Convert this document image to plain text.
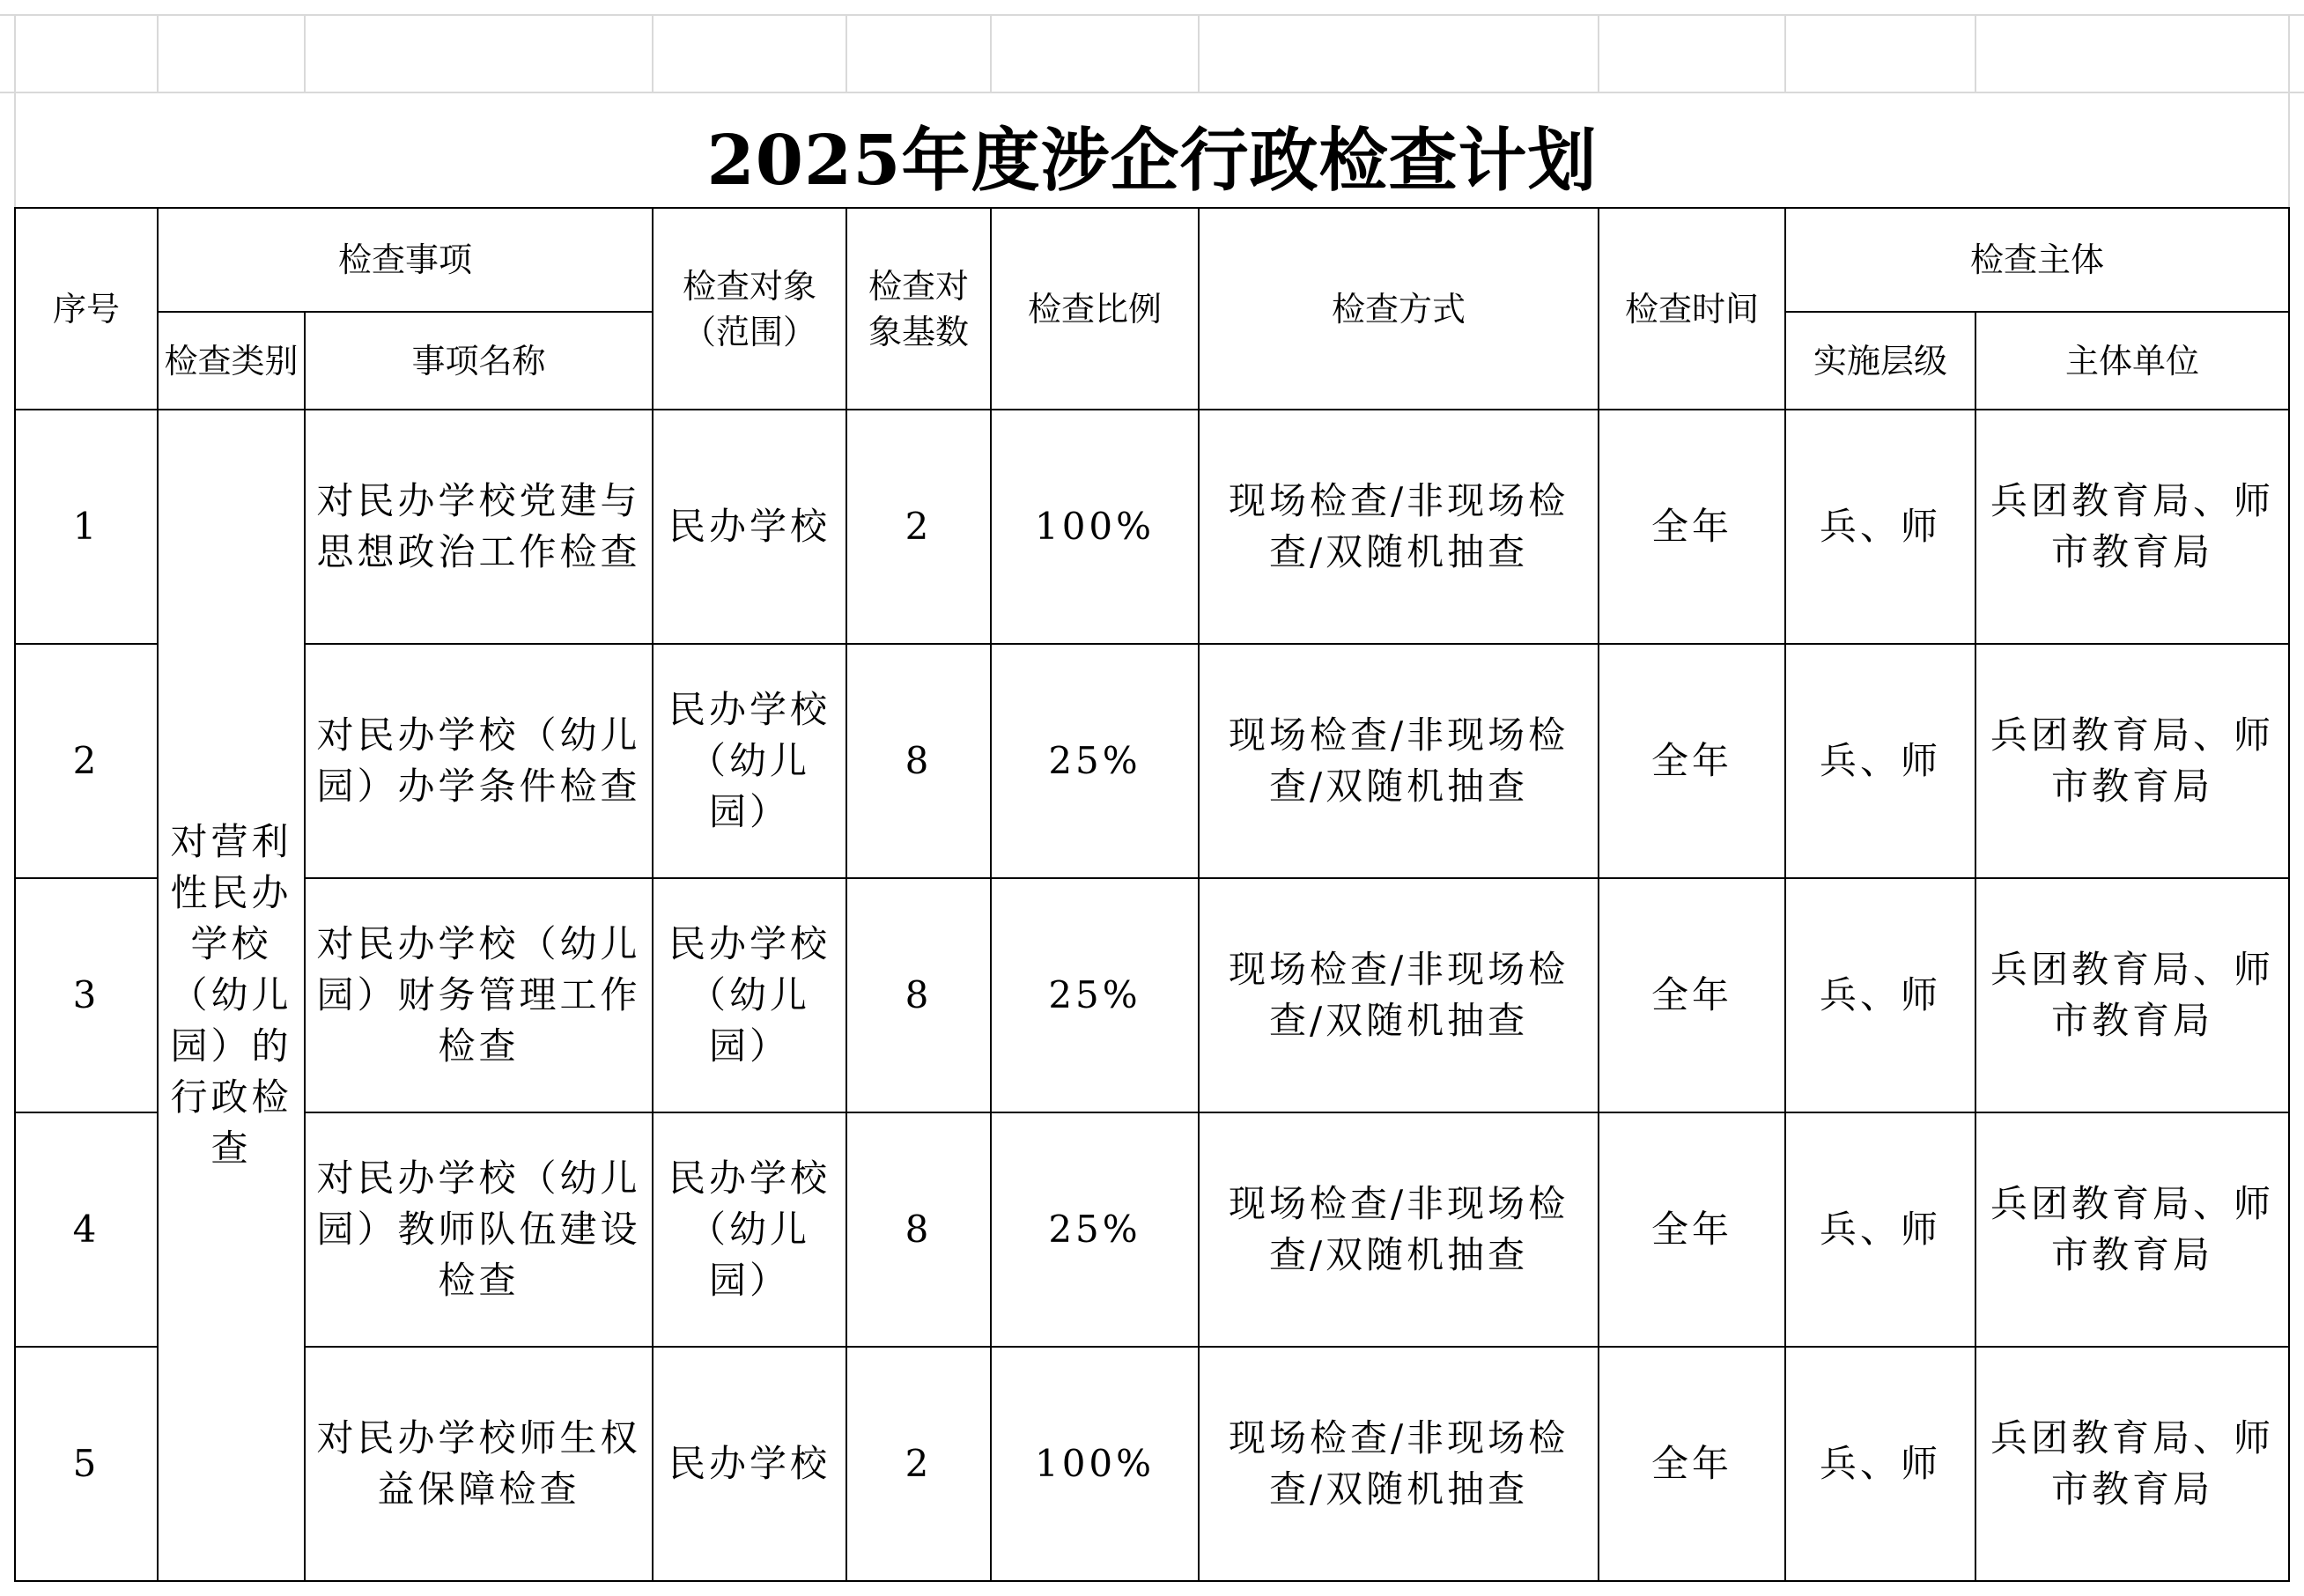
2025年度涉企行政检查计划
序号	检查事项		检查对象（范围）	检查对象基数	检查比例	检查方式	检查时间	检查主体	
	检查类别	事项名称						实施层级	主体单位
1	对营利性民办学校（幼儿园）的行政检查	对民办学校党建与思想政治工作检查	民办学校	2	100%	现场检查/非现场检查/双随机抽查	全年	兵、师	兵团教育局、师市教育局
2		对民办学校（幼儿园）办学条件检查	民办学校（幼儿园）	8	25%	现场检查/非现场检查/双随机抽查	全年	兵、师	兵团教育局、师市教育局
3		对民办学校（幼儿园）财务管理工作检查	民办学校（幼儿园）	8	25%	现场检查/非现场检查/双随机抽查	全年	兵、师	兵团教育局、师市教育局
4		对民办学校（幼儿园）教师队伍建设检查	民办学校（幼儿园）	8	25%	现场检查/非现场检查/双随机抽查	全年	兵、师	兵团教育局、师市教育局
5		对民办学校师生权益保障检查	民办学校	2	100%	现场检查/非现场检查/双随机抽查	全年	兵、师	兵团教育局、师市教育局
